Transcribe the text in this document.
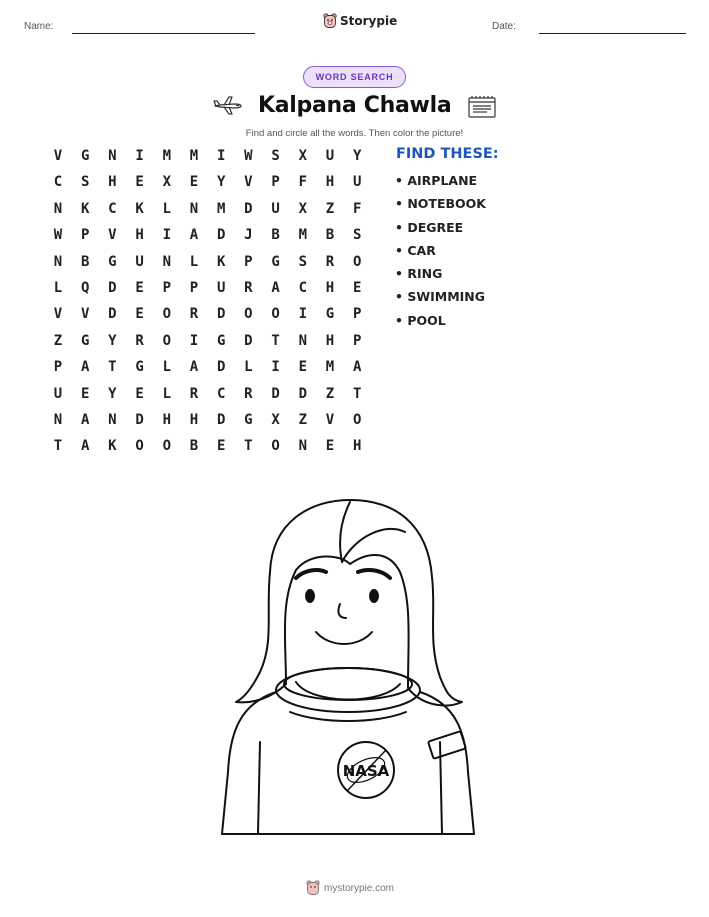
Name:	Storypie	Date:
WORD SEARCH
Kalpana Chawla

Find and circle all the words. Then color the picture!

V	G	N	I	M	M	I	W	S	X	U	Y
C	S	H	E	X	E	Y	V	P	F	H	U
N	K	C	K	L	N	M	D	U	X	Z	F
W	P	V	H	I	A	D	J	B	M	B	S
N	B	G	U	N	L	K	P	G	S	R	O
L	Q	D	E	P	P	U	R	A	C	H	E
V	V	D	E	O	R	D	O	O	I	G	P
Z	G	Y	R	O	I	G	D	T	N	H	P
P	A	T	G	L	A	D	L	I	E	M	A
U	E	Y	E	L	R	C	R	D	D	Z	T
N	A	N	D	H	H	D	G	X	Z	V	O
T	A	K	O	O	B	E	T	O	N	E	H
FIND THESE:
• AIRPLANE
• NOTEBOOK
• DEGREE
• CAR
• RING
• SWIMMING
• POOL
NASA
mystorypie.com
